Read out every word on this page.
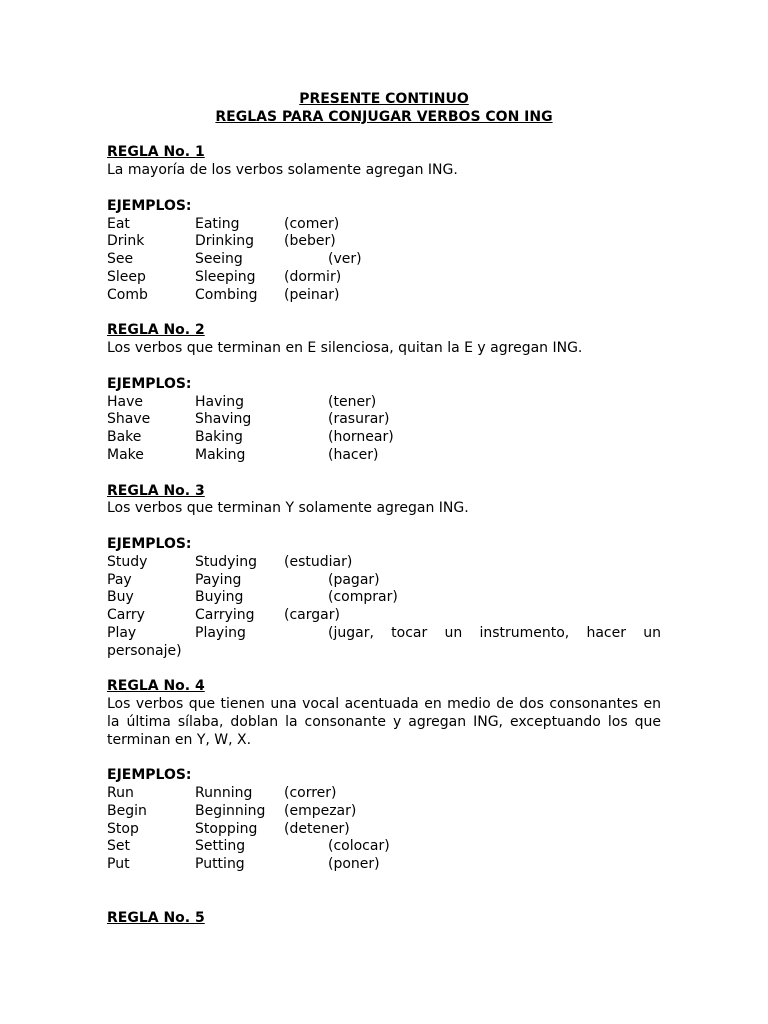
PRESENTE CONTINUO
REGLAS PARA CONJUGAR VERBOS CON ING
REGLA No. 1
La mayoría de los verbos solamente agregan ING.
EJEMPLOS:
Eat	Eating	(comer)
Drink	Drinking (beber)
See	Seeing	(ver)
Sleep	Sleeping (dormir)
Comb	Combing (peinar)
REGLA No. 2
Los verbos que terminan en E silenciosa, quitan la E y agregan ING.
EJEMPLOS:
Have	Having	(tener)
Shave	Shaving	(rasurar)
Bake	Baking	(hornear)
Make	Making	(hacer)
REGLA No. 3
Los verbos que terminan Y solamente agregan ING.
EJEMPLOS:
Study	Studying (estudiar)
Pay	Paying	(pagar)
Buy	Buying	(comprar)
Carry	Carrying (cargar)
Play	Playing	(jugar, tocar un instrumento, hacer un personaje)
REGLA No. 4
Los verbos que tienen una vocal acentuada en medio de dos consonantes en la última sílaba, doblan la consonante y agregan ING, exceptuando los que terminan en Y, W, X.
EJEMPLOS:
Run	Running (correr)
Begin	Beginning (empezar)
Stop	Stopping (detener)
Set	Setting	(colocar)
Put	Putting	(poner)
REGLA No. 5
